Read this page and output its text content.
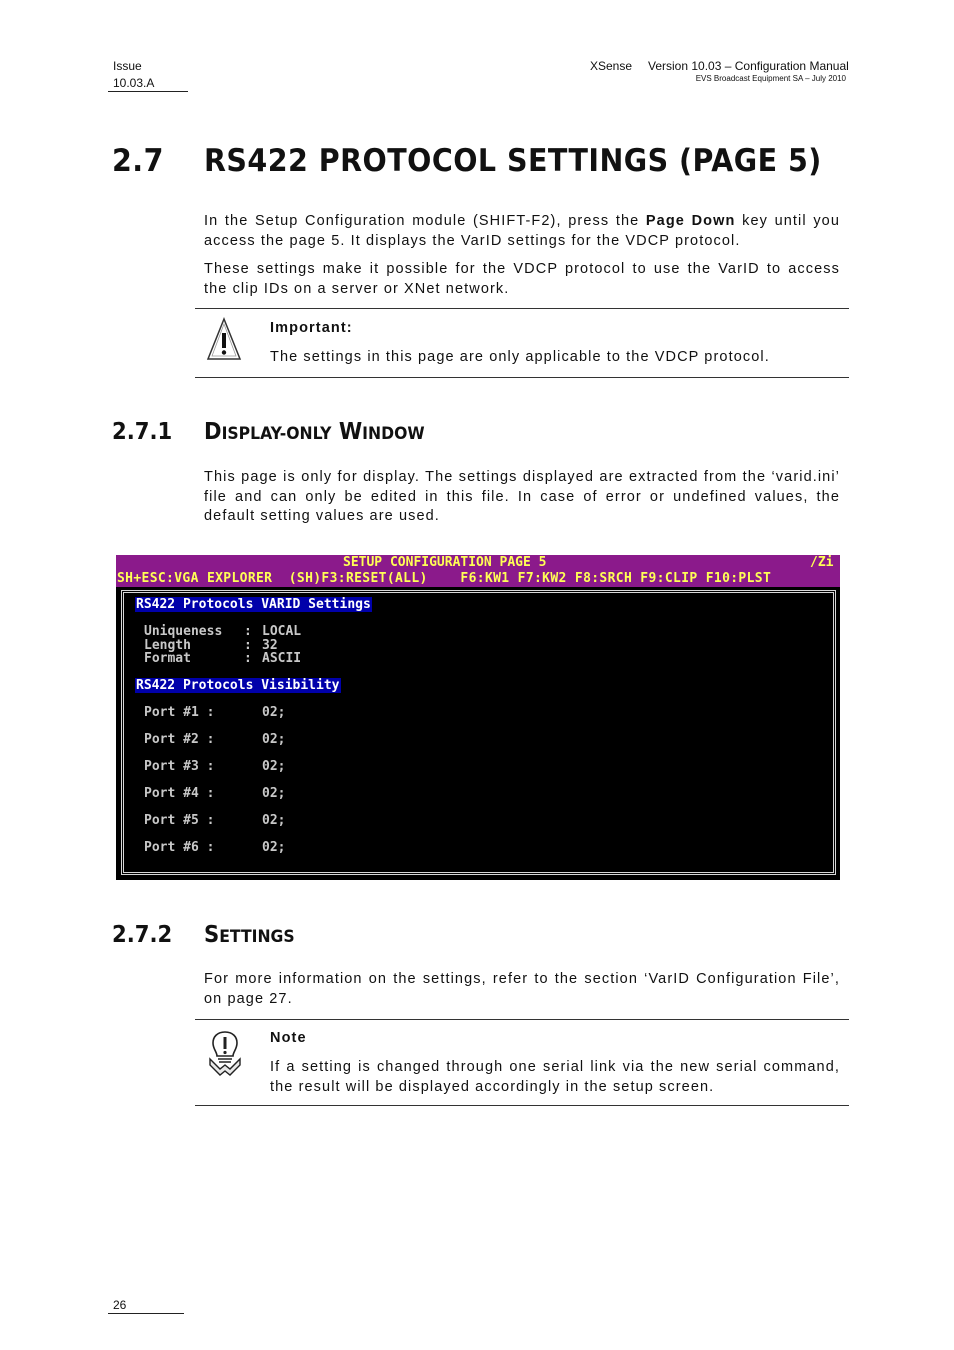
Issue
10.03.A
XSense Version 10.03 – Configuration Manual
EVS Broadcast Equipment SA – July 2010
2.7 RS422 PROTOCOL SETTINGS (PAGE 5)
In the Setup Configuration module (SHIFT-F2), press the Page Down key until you access the page 5. It displays the VarID settings for the VDCP protocol.
These settings make it possible for the VDCP protocol to use the VarID to access the clip IDs on a server or XNet network.
Important:
The settings in this page are only applicable to the VDCP protocol.
2.7.1 DISPLAY-ONLY WINDOW
This page is only for display. The settings displayed are extracted from the ‘varid.ini’ file and can only be edited in this file. In case of error or undefined values, the default setting values are used.
SETUP CONFIGURATION PAGE 5	/Zi
SH+ESC:VGA EXPLORER  (SH)F3:RESET(ALL)    F6:KW1 F7:KW2 F8:SRCH F9:CLIP F10:PLST
RS422 Protocols VARID Settings
Uniqueness : LOCAL
Length	: 32
Format	: ASCII
RS422 Protocols Visibility
Port #1 :	02;
Port #2 :	02;
Port #3 :	02;
Port #4 :	02;
Port #5 :	02;
Port #6 :	02;
2.7.2 SETTINGS
For more information on the settings, refer to the section ‘VarID Configuration File’, on page 27.
Note
If a setting is changed through one serial link via the new serial command, the result will be displayed accordingly in the setup screen.
26
